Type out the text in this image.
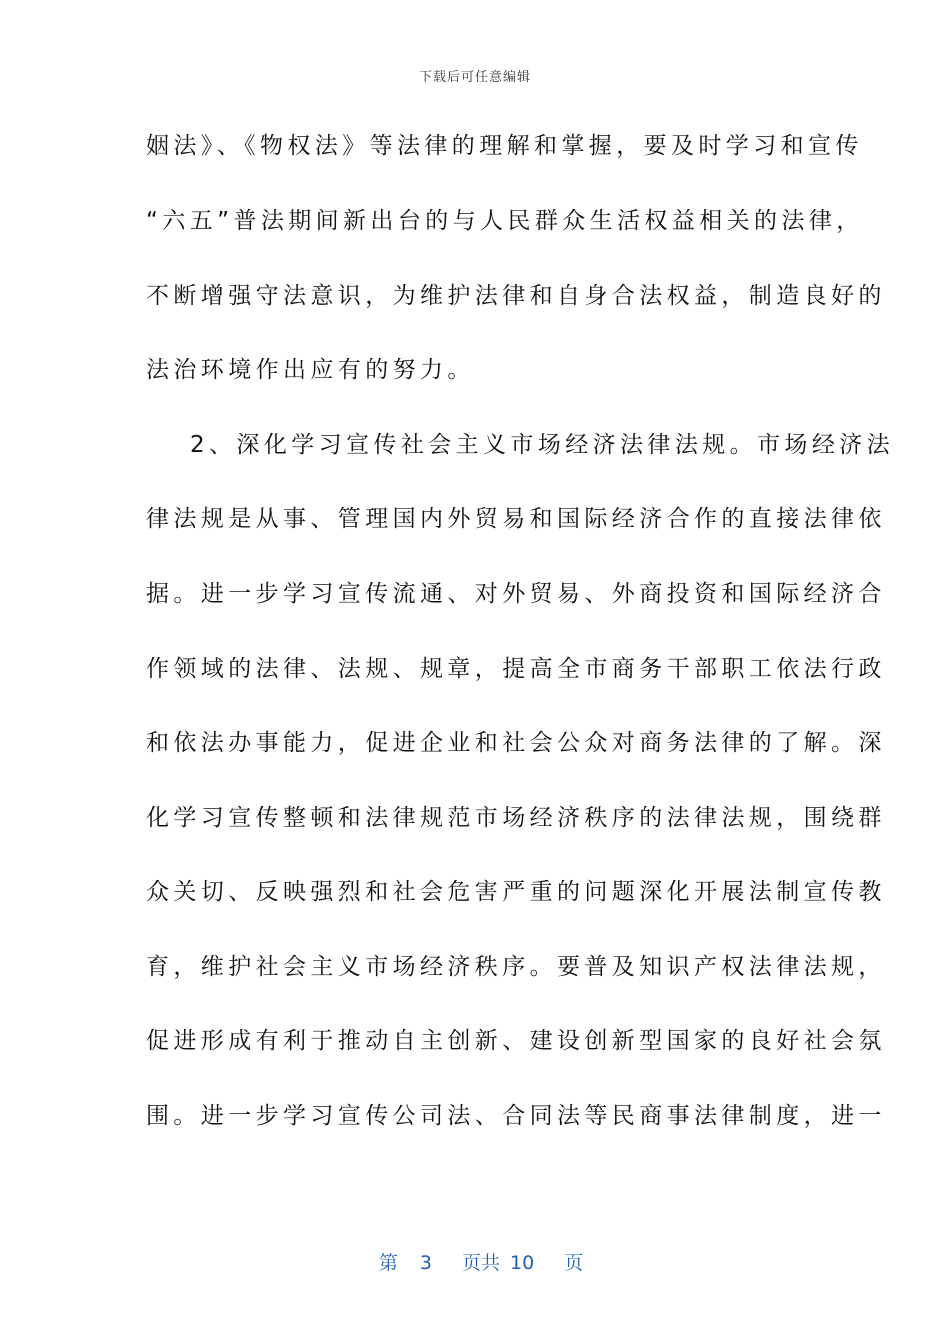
下载后可任意编辑
姻法》、《物权法》等法律的理解和掌握，要及时学习和宣传
“六五”普法期间新出台的与人民群众生活权益相关的法律，
不断增强守法意识，为维护法律和自身合法权益，制造良好的
法治环境作出应有的努力。
2、深化学习宣传社会主义市场经济法律法规。市场经济法
律法规是从事、管理国内外贸易和国际经济合作的直接法律依
据。进一步学习宣传流通、对外贸易、外商投资和国际经济合
作领域的法律、法规、规章，提高全市商务干部职工依法行政
和依法办事能力，促进企业和社会公众对商务法律的了解。深
化学习宣传整顿和法律规范市场经济秩序的法律法规，围绕群
众关切、反映强烈和社会危害严重的问题深化开展法制宣传教
育，维护社会主义市场经济秩序。要普及知识产权法律法规，
促进形成有利于推动自主创新、建设创新型国家的良好社会氛
围。进一步学习宣传公司法、合同法等民商事法律制度，进一

第 3 页共 10 页
